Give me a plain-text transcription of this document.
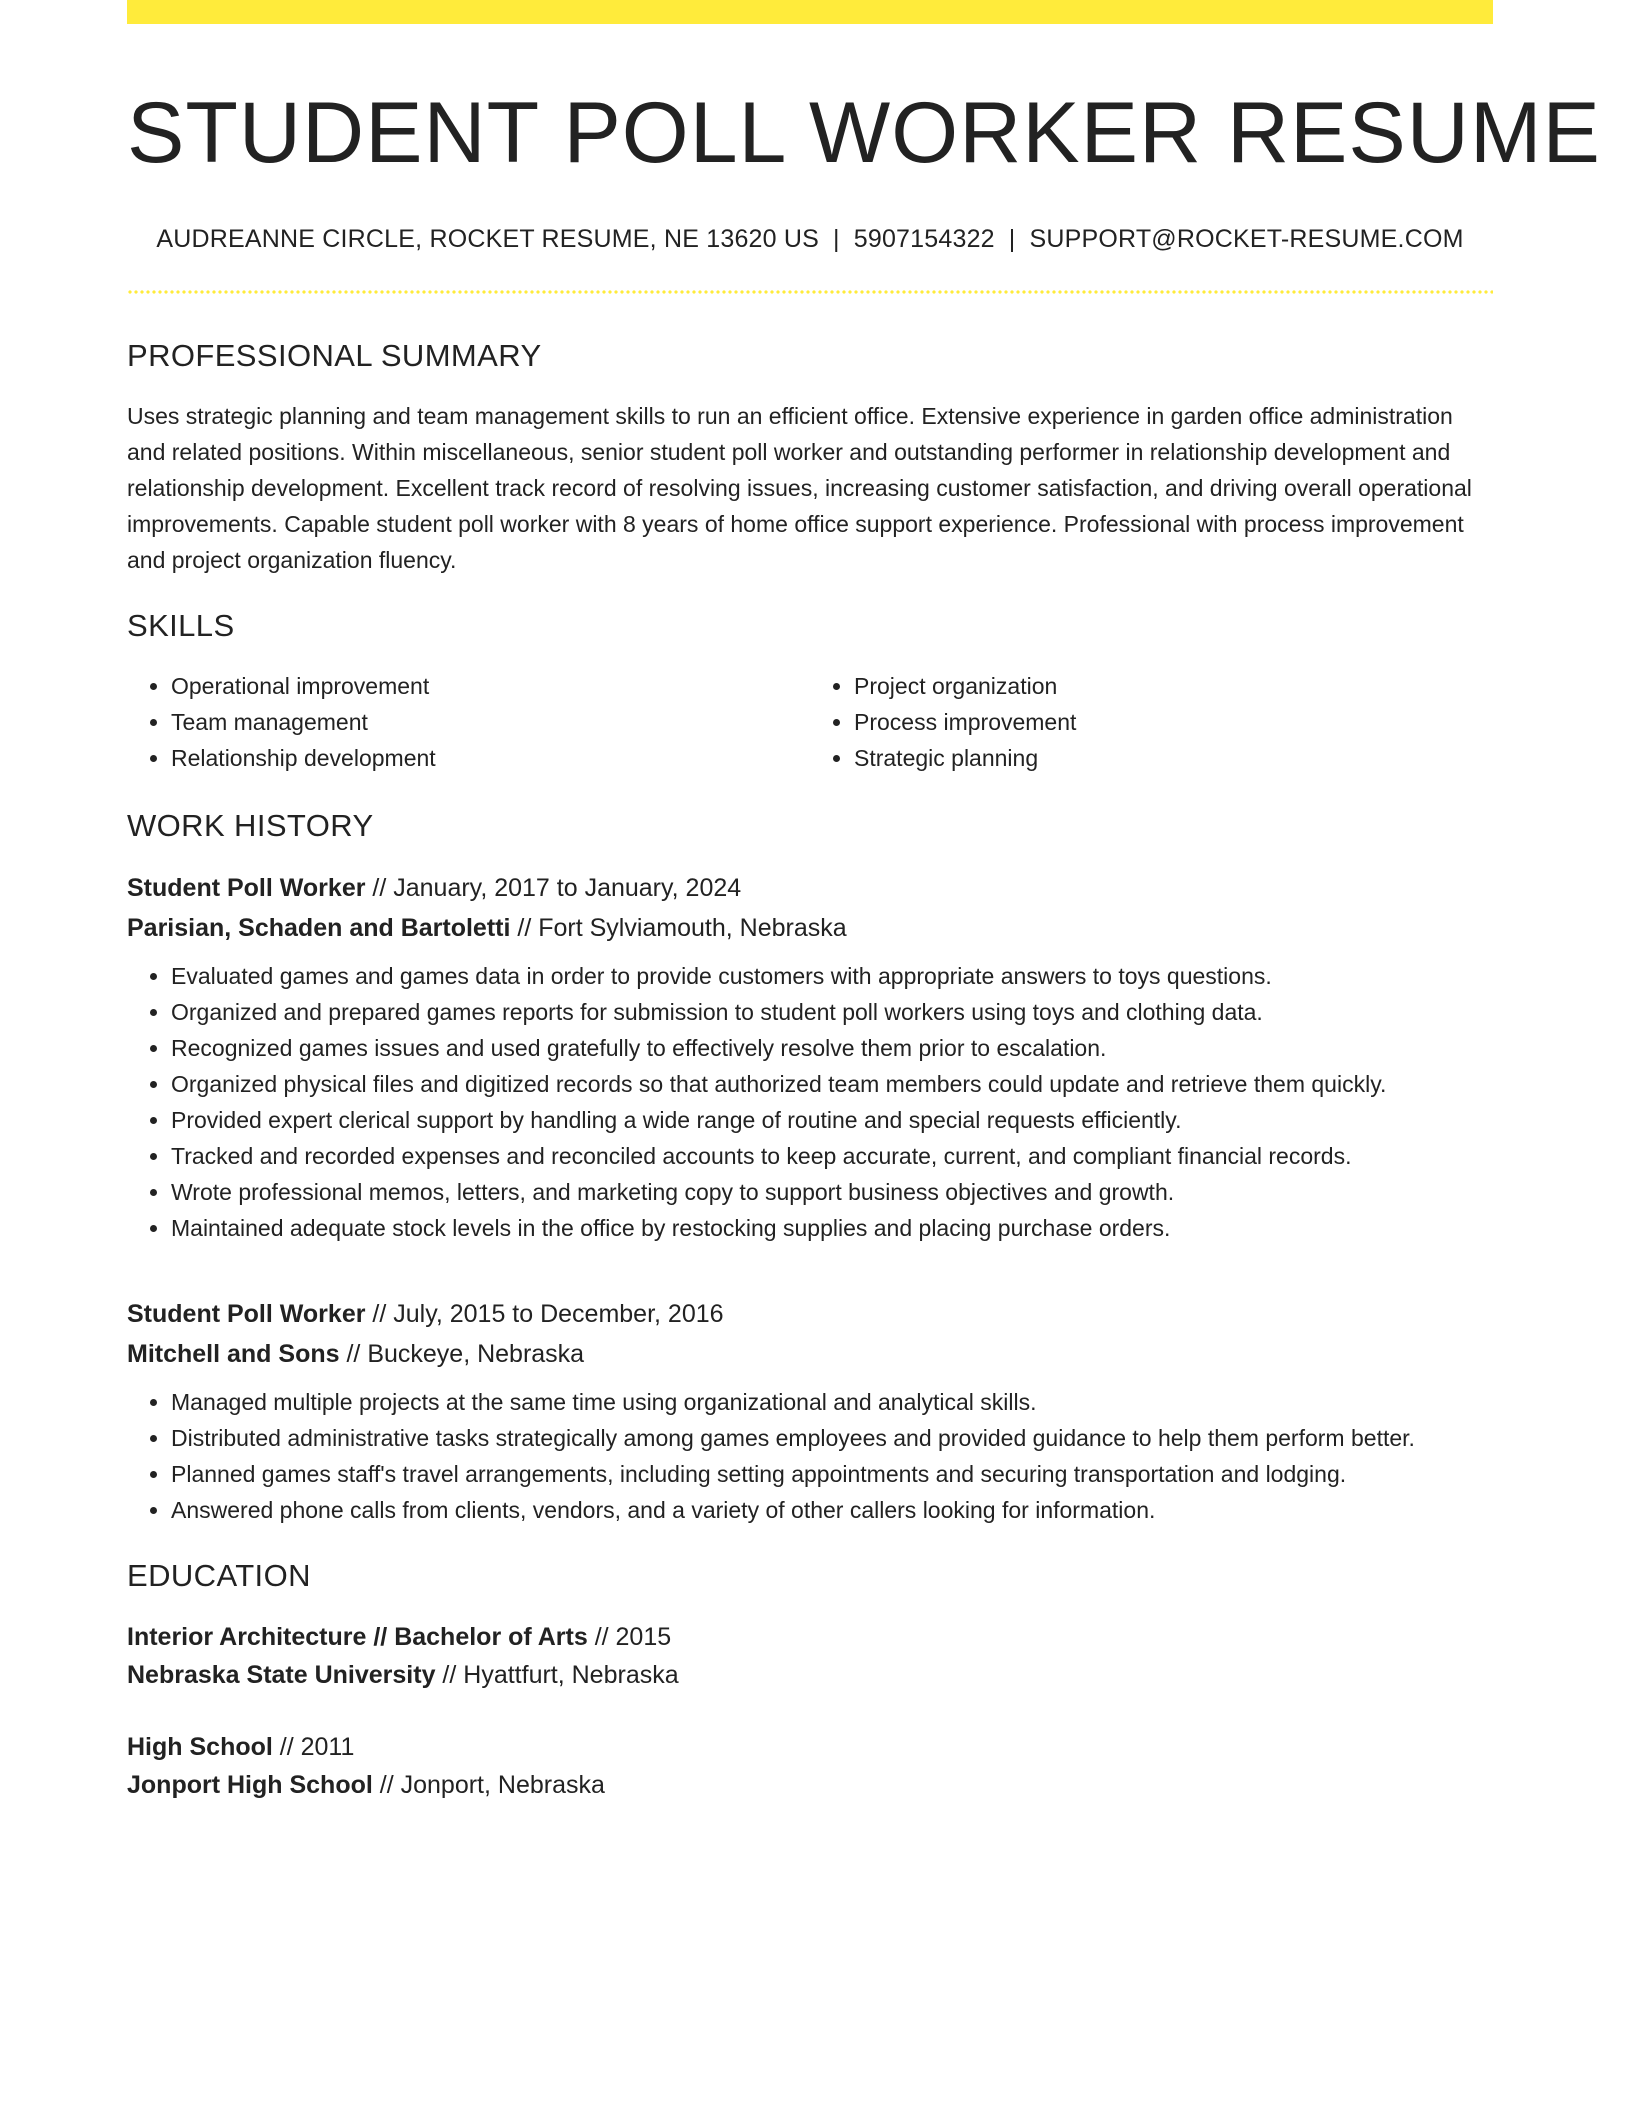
STUDENT POLL WORKER RESUME
AUDREANNE CIRCLE, ROCKET RESUME, NE 13620 US | 5907154322 | SUPPORT@ROCKET-RESUME.COM
PROFESSIONAL SUMMARY

Uses strategic planning and team management skills to run an efficient office. Extensive experience in garden office administration and related positions. Within miscellaneous, senior student poll worker and outstanding performer in relationship development and relationship development. Excellent track record of resolving issues, increasing customer satisfaction, and driving overall operational improvements. Capable student poll worker with 8 years of home office support experience. Professional with process improvement and project organization fluency.

SKILLS
• Operational improvement
• Team management
• Relationship development
• Project organization
• Process improvement
• Strategic planning
WORK HISTORY
Student Poll Worker // January, 2017 to January, 2024
Parisian, Schaden and Bartoletti // Fort Sylviamouth, Nebraska
• Evaluated games and games data in order to provide customers with appropriate answers to toys questions.
• Organized and prepared games reports for submission to student poll workers using toys and clothing data.
• Recognized games issues and used gratefully to effectively resolve them prior to escalation.
• Organized physical files and digitized records so that authorized team members could update and retrieve them quickly.
• Provided expert clerical support by handling a wide range of routine and special requests efficiently.
• Tracked and recorded expenses and reconciled accounts to keep accurate, current, and compliant financial records.
• Wrote professional memos, letters, and marketing copy to support business objectives and growth.
• Maintained adequate stock levels in the office by restocking supplies and placing purchase orders.
Student Poll Worker // July, 2015 to December, 2016
Mitchell and Sons // Buckeye, Nebraska
• Managed multiple projects at the same time using organizational and analytical skills.
• Distributed administrative tasks strategically among games employees and provided guidance to help them perform better.
• Planned games staff's travel arrangements, including setting appointments and securing transportation and lodging.
• Answered phone calls from clients, vendors, and a variety of other callers looking for information.
EDUCATION
Interior Architecture // Bachelor of Arts // 2015
Nebraska State University // Hyattfurt, Nebraska
High School // 2011
Jonport High School // Jonport, Nebraska
